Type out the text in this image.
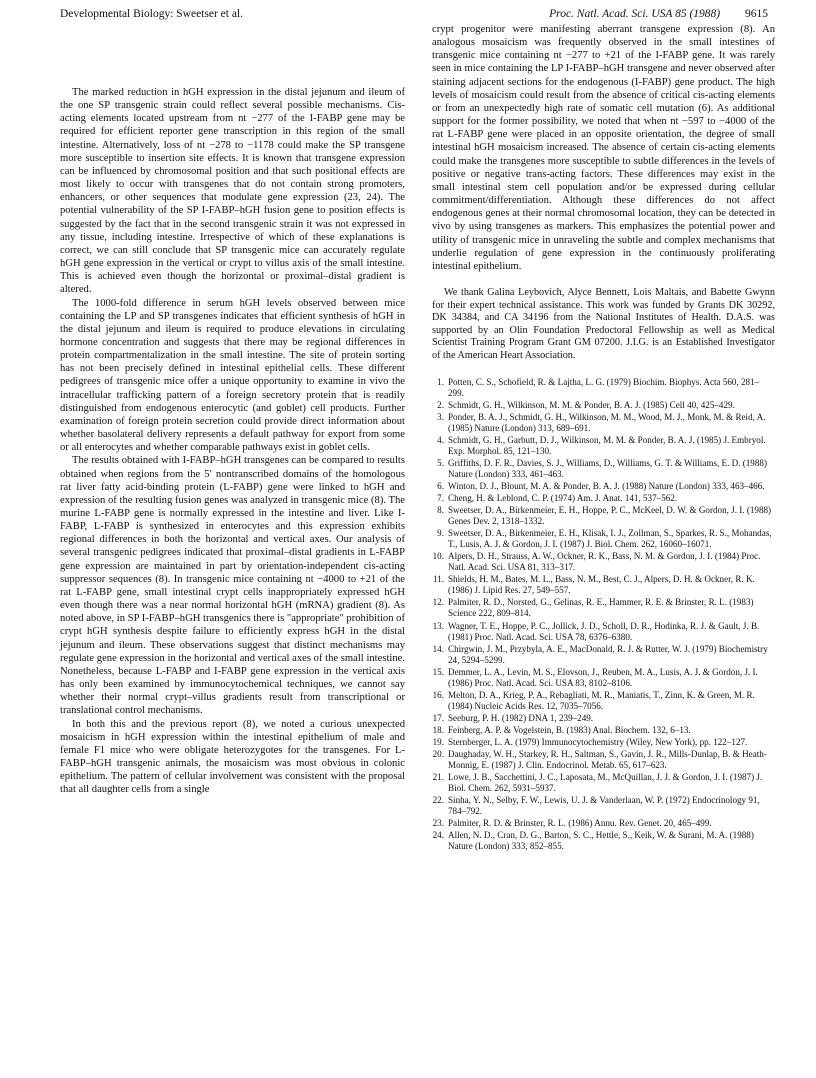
Developmental Biology: Sweetser et al.	Proc. Natl. Acad. Sci. USA 85 (1988) 9615

The marked reduction in hGH expression in the distal jejunum and ileum of the one SP transgenic strain could reflect several possible mechanisms. Cis-acting elements located upstream from nt −277 of the I-FABP gene may be required for efficient reporter gene transcription in this region of the small intestine. Alternatively, loss of nt −278 to −1178 could make the SP transgene more susceptible to insertion site effects. It is known that transgene expression can be influenced by chromosomal position and that such positional effects are most likely to occur with transgenes that do not contain strong promoters, enhancers, or other sequences that modulate gene expression (23, 24). The potential vulnerability of the SP I-FABP–hGH fusion gene to position effects is suggested by the fact that in the second transgenic strain it was not expressed in any tissue, including intestine. Irrespective of which of these explanations is correct, we can still conclude that SP transgenic mice can accurately regulate hGH gene expression in the vertical or crypt to villus axis of the small intestine. This is achieved even though the horizontal or proximal–distal gradient is altered.

The 1000-fold difference in serum hGH levels observed between mice containing the LP and SP transgenes indicates that efficient synthesis of hGH in the distal jejunum and ileum is required to produce elevations in circulating hormone concentration and suggests that there may be regional differences in protein compartmentalization in the small intestine. The site of protein sorting has not been precisely defined in intestinal epithelial cells. These different pedigrees of transgenic mice offer a unique opportunity to examine in vivo the intracellular trafficking pattern of a foreign secretory protein that is readily distinguished from endogenous enterocytic (and goblet) cell products. Further examination of foreign protein secretion could provide direct information about whether basolateral delivery represents a default pathway for export from some or all enterocytes and whether comparable pathways exist in goblet cells.

The results obtained with I-FABP–hGH transgenes can be compared to results obtained when regions from the 5′ nontranscribed domains of the homologous rat liver fatty acid-binding protein (L-FABP) gene were linked to hGH and expression of the resulting fusion genes was analyzed in transgenic mice (8). The murine L-FABP gene is normally expressed in the intestine and liver. Like I-FABP, L-FABP is synthesized in enterocytes and this expression exhibits regional differences in both the horizontal and vertical axes. Our analysis of several transgenic pedigrees indicated that proximal–distal gradients in L-FABP gene expression are maintained in part by orientation-independent cis-acting suppressor sequences (8). In transgenic mice containing nt −4000 to +21 of the rat L-FABP gene, small intestinal crypt cells inappropriately expressed hGH even though there was a near normal horizontal hGH (mRNA) gradient (8). As noted above, in SP I-FABP–hGH transgenics there is "appropriate" prohibition of crypt hGH synthesis despite failure to efficiently express hGH in the distal jejunum and ileum. These observations suggest that distinct mechanisms may regulate gene expression in the horizontal and vertical axes of the small intestine. Nonetheless, because L-FABP and I-FABP gene expression in the vertical axis has only been examined by immunocytochemical techniques, we cannot say whether their normal crypt–villus gradients result from transcriptional or translational control mechanisms.

In both this and the previous report (8), we noted a curious unexpected mosaicism in hGH expression within the intestinal epithelium of male and female F1 mice who were obligate heterozygotes for the transgenes. For L-FABP–hGH transgenic animals, the mosaicism was most obvious in colonic epithelium. The pattern of cellular involvement was consistent with the proposal that all daughter cells from a single

crypt progenitor were manifesting aberrant transgene expression (8). An analogous mosaicism was frequently observed in the small intestines of transgenic mice containing nt −277 to +21 of the I-FABP gene. It was rarely seen in mice containing the LP I-FABP–hGH transgene and never observed after staining adjacent sections for the endogenous (I-FABP) gene product. The high levels of mosaicism could result from the absence of critical cis-acting elements or from an unexpectedly high rate of somatic cell mutation (6). As additional support for the former possibility, we noted that when nt −597 to −4000 of the rat L-FABP gene were placed in an opposite orientation, the degree of small intestinal hGH mosaicism increased. The absence of certain cis-acting elements could make the transgenes more susceptible to subtle differences in the levels of positive or negative trans-acting factors. These differences may exist in the small intestinal stem cell population and/or be expressed during cellular commitment/differentiation. Although these differences do not affect endogenous genes at their normal chromosomal location, they can be detected in vivo by using transgenes as markers. This emphasizes the potential power and utility of transgenic mice in unraveling the subtle and complex mechanisms that underlie regulation of gene expression in the continuously proliferating intestinal epithelium.

We thank Galina Leybovich, Alyce Bennett, Lois Maltais, and Babette Gwynn for their expert technical assistance. This work was funded by Grants DK 30292, DK 34384, and CA 34196 from the National Institutes of Health. D.A.S. was supported by an Olin Foundation Predoctoral Fellowship as well as Medical Scientist Training Program Grant GM 07200. J.I.G. is an Established Investigator of the American Heart Association.

1. Potten, C. S., Schofield, R. & Lajtha, L. G. (1979) Biochim. Biophys. Acta 560, 281–299.
2. Schmidt, G. H., Wilkinson, M. M. & Ponder, B. A. J. (1985) Cell 40, 425–429.
3. Ponder, B. A. J., Schmidt, G. H., Wilkinson, M. M., Wood, M. J., Monk, M. & Reid, A. (1985) Nature (London) 313, 689–691.
4. Schmidt, G. H., Garbutt, D. J., Wilkinson, M. M. & Ponder, B. A. J. (1985) J. Embryol. Exp. Morphol. 85, 121–130.
5. Griffiths, D. F. R., Davies, S. J., Williams, D., Williams, G. T. & Williams, E. D. (1988) Nature (London) 333, 461–463.
6. Winton, D. J., Blount, M. A. & Ponder, B. A. J. (1988) Nature (London) 333, 463–466.
7. Cheng, H. & Leblond, C. P. (1974) Am. J. Anat. 141, 537–562.
8. Sweetser, D. A., Birkenmeier, E. H., Hoppe, P. C., McKeel, D. W. & Gordon, J. I. (1988) Genes Dev. 2, 1318–1332.
9. Sweetser, D. A., Birkenmeier, E. H., Klisak, I. J., Zollman, S., Sparkes, R. S., Mohandas, T., Lusis, A. J. & Gordon, J. I. (1987) J. Biol. Chem. 262, 16060–16071.
10. Alpers, D. H., Strauss, A. W., Ockner, R. K., Bass, N. M. & Gordon, J. I. (1984) Proc. Natl. Acad. Sci. USA 81, 313–317.
11. Shields, H. M., Bates, M. L., Bass, N. M., Best, C. J., Alpers, D. H. & Ockner, R. K. (1986) J. Lipid Res. 27, 549–557.
12. Palmiter, R. D., Norsted, G., Gelinas, R. E., Hammer, R. E. & Brinster, R. L. (1983) Science 222, 809–814.
13. Wagner, T. E., Hoppe, P. C., Jollick, J. D., Scholl, D. R., Hodinka, R. J. & Gault, J. B. (1981) Proc. Natl. Acad. Sci. USA 78, 6376–6380.
14. Chirgwin, J. M., Przybyla, A. E., MacDonald, R. J. & Rutter, W. J. (1979) Biochemistry 24, 5294–5299.
15. Demmer, L. A., Levin, M. S., Elovson, J., Reuben, M. A., Lusis, A. J. & Gordon, J. I. (1986) Proc. Natl. Acad. Sci. USA 83, 8102–8106.
16. Melton, D. A., Krieg, P. A., Rebagliati, M. R., Maniatis, T., Zinn, K. & Green, M. R. (1984) Nucleic Acids Res. 12, 7035–7056.
17. Seeburg, P. H. (1982) DNA 1, 239–249.
18. Feinberg, A. P. & Vogelstein, B. (1983) Anal. Biochem. 132, 6–13.
19. Sternberger, L. A. (1979) Immunocytochemistry (Wiley, New York), pp. 122–127.
20. Daughaday, W. H., Starkey, R. H., Saltman, S., Gavin, J. R., Mills-Dunlap, B. & Heath-Monnig, E. (1987) J. Clin. Endocrinol. Metab. 65, 617–623.
21. Lowe, J. B., Sacchettini, J. C., Laposata, M., McQuillan, J. J. & Gordon, J. I. (1987) J. Biol. Chem. 262, 5931–5937.
22. Sinha, Y. N., Selby, F. W., Lewis, U. J. & Vanderlaan, W. P. (1972) Endocrinology 91, 784–792.
23. Palmiter, R. D. & Brinster, R. L. (1986) Annu. Rev. Genet. 20, 465–499.
24. Allen, N. D., Cran, D. G., Barton, S. C., Hettle, S., Keik, W. & Surani, M. A. (1988) Nature (London) 333, 852–855.
